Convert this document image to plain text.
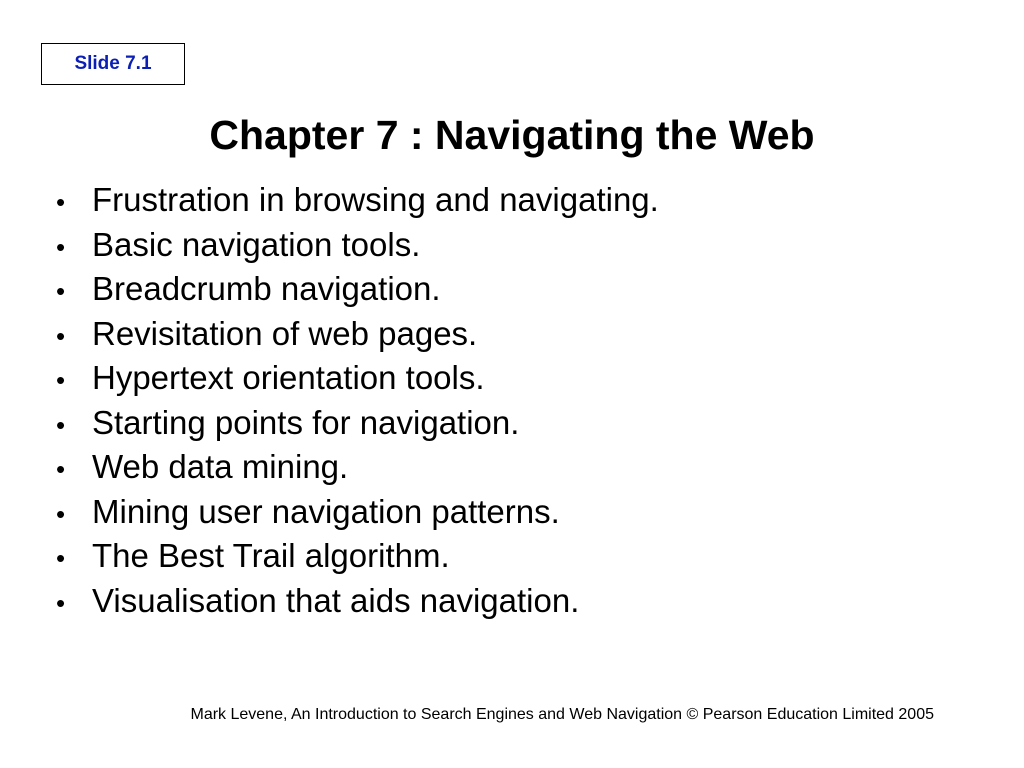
Slide 7.1
Chapter 7 : Navigating the Web
• Frustration in browsing and navigating.
• Basic navigation tools.
• Breadcrumb navigation.
• Revisitation of web pages.
• Hypertext orientation tools.
• Starting points for navigation.
• Web data mining.
• Mining user navigation patterns.
• The Best Trail algorithm.
• Visualisation that aids navigation.
Mark Levene, An Introduction to Search Engines and Web Navigation © Pearson Education Limited 2005
